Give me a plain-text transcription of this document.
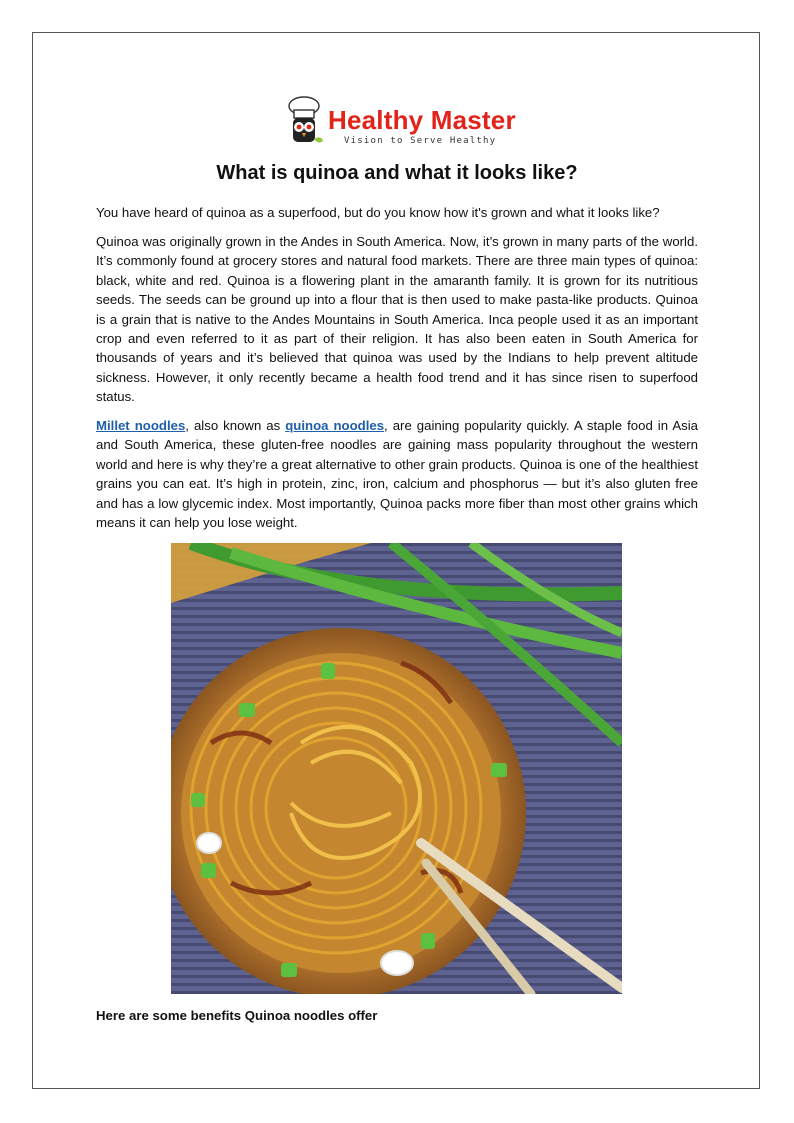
Healthy Master
Vision to Serve Healthy
What is quinoa and what it looks like?

You have heard of quinoa as a superfood, but do you know how it's grown and what it looks like?

Quinoa was originally grown in the Andes in South America. Now, it’s grown in many parts of the world. It’s commonly found at grocery stores and natural food markets. There are three main types of quinoa: black, white and red. Quinoa is a flowering plant in the amaranth family. It is grown for its nutritious seeds. The seeds can be ground up into a flour that is then used to make pasta-like products. Quinoa is a grain that is native to the Andes Mountains in South America. Inca people used it as an important crop and even referred to it as part of their religion. It has also been eaten in South America for thousands of years and it’s believed that quinoa was used by the Indians to help prevent altitude sickness. However, it only recently became a health food trend and it has since risen to superfood status.

Millet noodles, also known as quinoa noodles, are gaining popularity quickly. A staple food in Asia and South America, these gluten-free noodles are gaining mass popularity throughout the western world and here is why they’re a great alternative to other grain products. Quinoa is one of the healthiest grains you can eat. It’s high in protein, zinc, iron, calcium and phosphorus — but it’s also gluten free and has a low glycemic index. Most importantly, Quinoa packs more fiber than most other grains which means it can help you lose weight.

Here are some benefits Quinoa noodles offer
